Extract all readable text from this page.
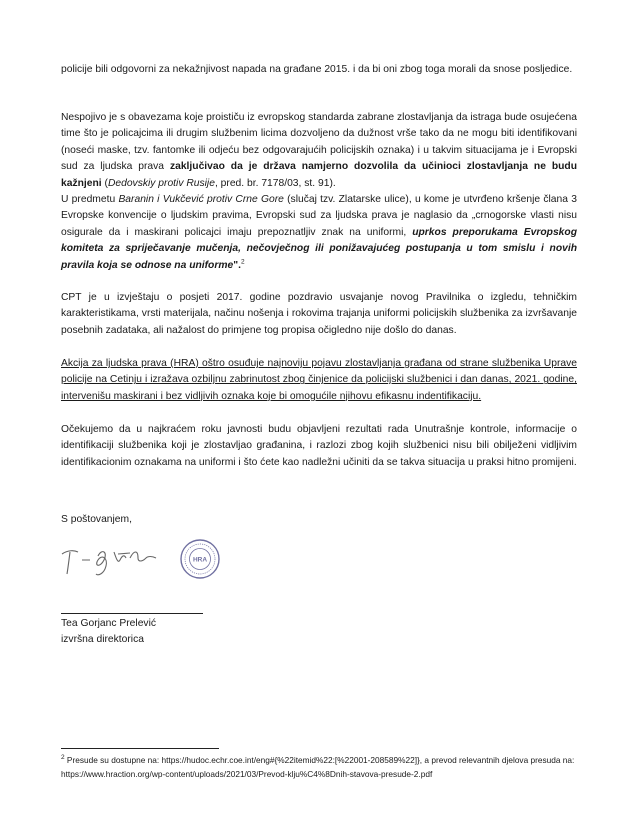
policije bili odgovorni za nekažnjivost napada na građane 2015. i da bi oni zbog toga morali da snose posljedice.

Nespojivo je s obavezama koje proističu iz evropskog standarda zabrane zlostavljanja da istraga bude osujećena time što je policajcima ili drugim službenim licima dozvoljeno da dužnost vrše tako da ne mogu biti identifikovani (noseći maske, tzv. fantomke ili odjeću bez odgovarajućih policijskih oznaka) i u takvim situacijama je i Evropski sud za ljudska prava zaključivao da je država namjerno dozvolila da učinioci zlostavljanja ne budu kažnjeni (Dedovskiy protiv Rusije, pred. br. 7178/03, st. 91).

U predmetu Baranin i Vukčević protiv Crne Gore (slučaj tzv. Zlatarske ulice), u kome je utvrđeno kršenje člana 3 Evropske konvencije o ljudskim pravima, Evropski sud za ljudska prava je naglasio da „crnogorske vlasti nisu osigurale da i maskirani policajci imaju prepoznatljiv znak na uniformi, uprkos preporukama Evropskog komiteta za spriječavanje mučenja, nečovječnog ili ponižavajućeg postupanja u tom smislu i novih pravila koja se odnose na uniforme".$^2$

CPT je u izvještaju o posjeti 2017. godine pozdravio usvajanje novog Pravilnika o izgledu, tehničkim karakteristikama, vrsti materijala, načinu nošenja i rokovima trajanja uniformi policijskih službenika za izvršavanje posebnih zadataka, ali nažalost do primjene tog propisa očigledno nije došlo do danas.

Akcija za ljudska prava (HRA) oštro osuđuje najnoviju pojavu zlostavljanja građana od strane službenika Uprave policije na Cetinju i izražava ozbiljnu zabrinutost zbog činjenice da policijski službenici i dan danas, 2021. godine, intervenišu maskirani i bez vidljivih oznaka koje bi omogućile njihovu efikasnu indentifikaciju.

Očekujemo da u najkraćem roku javnosti budu objavljeni rezultati rada Unutrašnje kontrole, informacije o identifikaciji službenika koji je zlostavljao građanina, i razlozi zbog kojih službenici nisu bili obilježeni vidljivim identifikacionim oznakama na uniformi i što ćete kao nadležni učiniti da se takva situacija u praksi hitno promijeni.

S poštovanjem,

HRA
Tea Gorjanc Prelević
izvršna direktorica

$^2$ Presude su dostupne na: https://hudoc.echr.coe.int/eng#{%22itemid%22:[%22001-208589%22]}, a prevod relevantnih djelova presuda na: https://www.hraction.org/wp-content/uploads/2021/03/Prevod-klju%C4%8Dnih-stavova-presude-2.pdf
